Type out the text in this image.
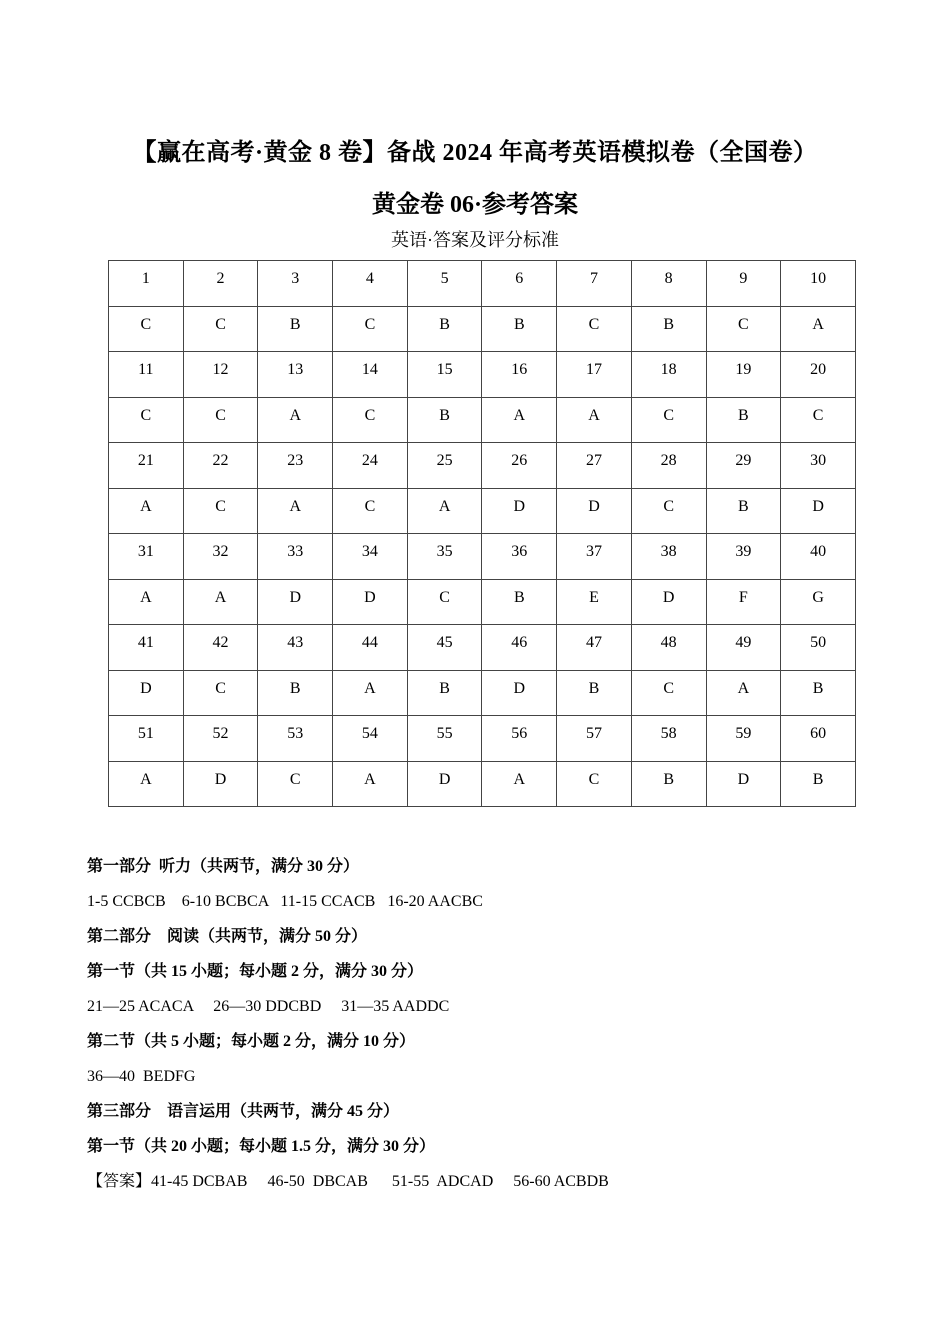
【赢在高考·黄金 8 卷】备战 2024 年高考英语模拟卷（全国卷）
黄金卷 06·参考答案
英语·答案及评分标准
1	2	3	4	5	6	7	8	9	10
C	C	B	C	B	B	C	B	C	A
11	12	13	14	15	16	17	18	19	20
C	C	A	C	B	A	A	C	B	C
21	22	23	24	25	26	27	28	29	30
A	C	A	C	A	D	D	C	B	D
31	32	33	34	35	36	37	38	39	40
A	A	D	D	C	B	E	D	F	G
41	42	43	44	45	46	47	48	49	50
D	C	B	A	B	D	B	C	A	B
51	52	53	54	55	56	57	58	59	60
A	D	C	A	D	A	C	B	D	B
第一部分  听力（共两节，满分 30 分）
1-5 CCBCB    6-10 BCBCA   11-15 CCACB   16-20 AACBC
第二部分    阅读（共两节，满分 50 分）
第一节（共 15 小题；每小题 2 分，满分 30 分）
21—25 ACACA     26—30 DDCBD     31—35 AADDC
第二节（共 5 小题；每小题 2 分，满分 10 分）
36—40  BEDFG
第三部分    语言运用（共两节，满分 45 分）
第一节（共 20 小题；每小题 1.5 分，满分 30 分）
【答案】41-45 DCBAB     46-50  DBCAB      51-55  ADCAD     56-60 ACBDB
